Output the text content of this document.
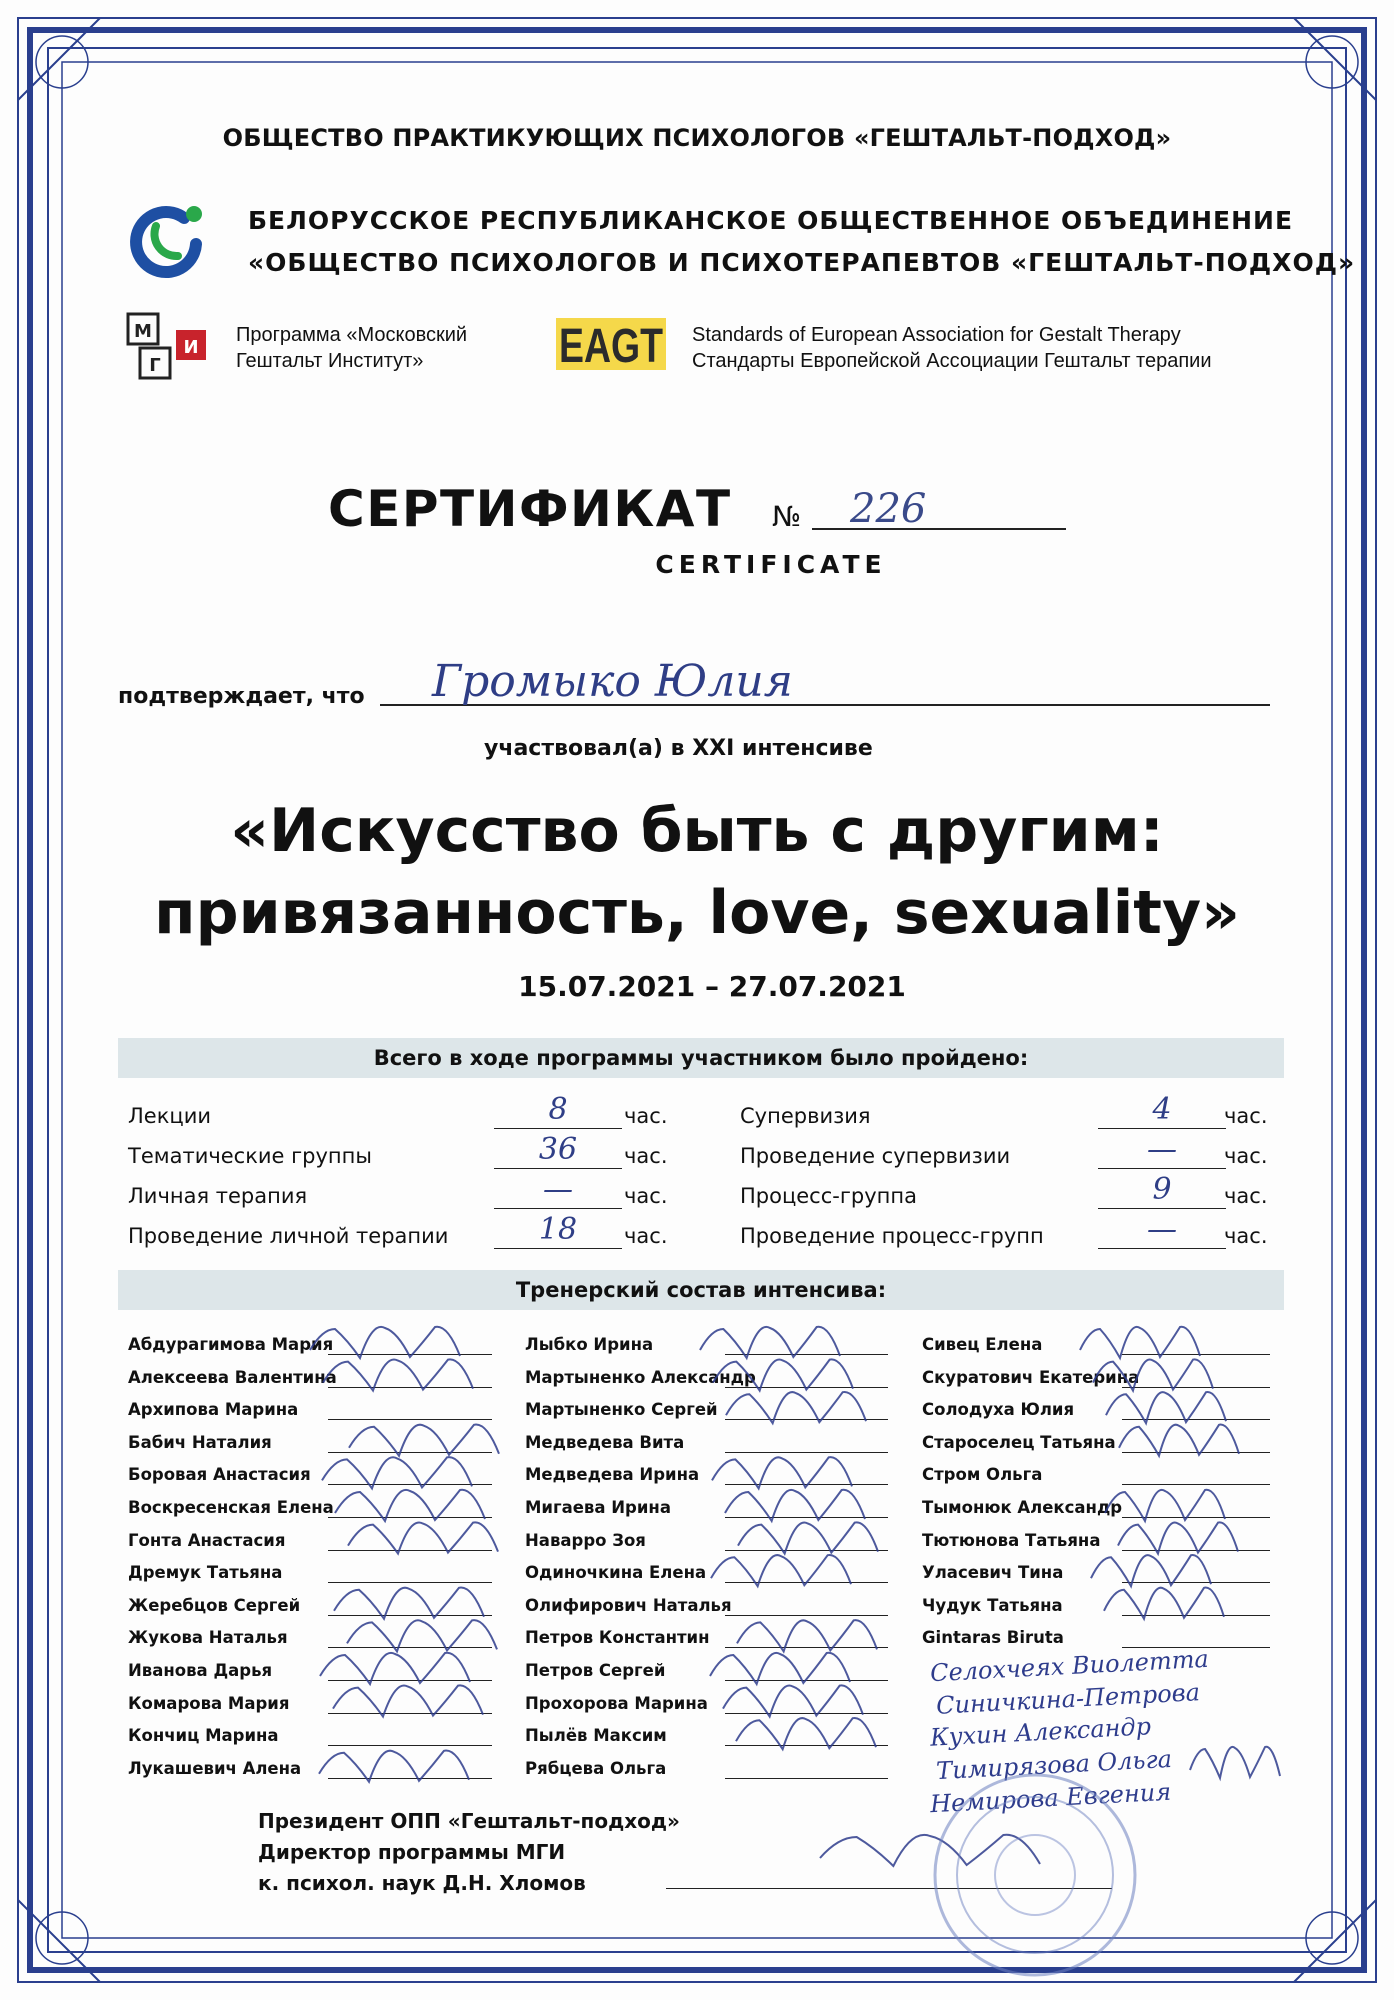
ОБЩЕСТВО ПРАКТИКУЮЩИХ ПСИХОЛОГОВ «ГЕШТАЛЬТ-ПОДХОД»
БЕЛОРУССКОЕ РЕСПУБЛИКАНСКОЕ ОБЩЕСТВЕННОЕ ОБЪЕДИНЕНИЕ
«ОБЩЕСТВО ПСИХОЛОГОВ И ПСИХОТЕРАПЕВТОВ «ГЕШТАЛЬТ-ПОДХОД»
М
И
Г
Программа «Московский
Гештальт Институт»	EAGT Standards of European Association for Gestalt Therapy
Стандарты Европейской Ассоциации Гештальт терапии
СЕРТИФИКАТ № 226
CERTIFICATE
подтверждает, что Громыко Юлия
участвовал(а) в XXI интенсиве
«Искусство быть с другим:
привязанность, love, sexuality»
15.07.2021 – 27.07.2021
Всего в ходе программы участником было пройдено:
Лекции	8	час.
Тематические группы	36	час.
Личная терапия	—	час.
Проведение личной терапии	18	час.
Супервизия	4	час.
Проведение супервизии	—	час.
Процесс-группа	9	час.
Проведение процесс-групп	—	час.
Тренерский состав интенсива:
Абдурагимова Мария
Алексеева Валентина
Архипова Марина
Бабич Наталия
Боровая Анастасия
Воскресенская Елена
Гонта Анастасия
Дремук Татьяна
Жеребцов Сергей
Жукова Наталья
Иванова Дарья
Комарова Мария
Кончиц Марина
Лукашевич Алена
Лыбко Ирина
Мартыненко Александр
Мартыненко Сергей
Медведева Вита
Медведева Ирина
Мигаева Ирина
Наварро Зоя
Одиночкина Елена
Олифирович Наталья
Петров Константин
Петров Сергей
Прохорова Марина
Пылёв Максим
Рябцева Ольга
Сивец Елена
Скуратович Екатерина
Солодуха Юлия
Староселец Татьяна
Стром Ольга
Тымонюк Александр
Тютюнова Татьяна
Уласевич Тина
Чудук Татьяна
Gintaras Biruta
Селохчеях Виолетта
Синичкина-Петрова
Кухин Александр
Тимирязова Ольга
Немирова Евгения
Президент ОПП «Гештальт-подход»
Директор программы МГИ
к. психол. наук Д.Н. Хломов
